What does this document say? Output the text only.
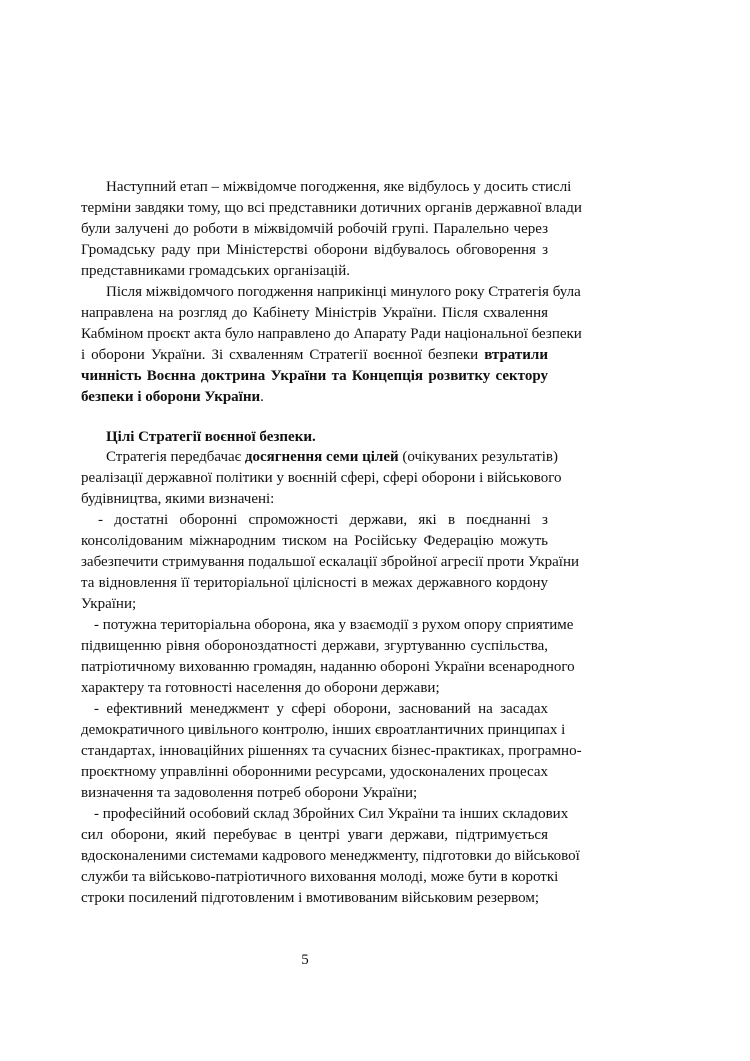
Наступний етап – міжвідомче погодження, яке відбулось у досить стислі
терміни завдяки тому, що всі представники дотичних органів державної влади
були залучені до роботи в міжвідомчій робочій групі. Паралельно через
Громадську раду при Міністерстві оборони відбувалось обговорення з
представниками громадських організацій.
Після міжвідомчого погодження наприкінці минулого року Стратегія була
направлена на розгляд до Кабінету Міністрів України. Після схвалення
Кабміном проєкт акта було направлено до Апарату Ради національної безпеки
і оборони України. Зі схваленням Стратегії воєнної безпеки втратили
чинність Воєнна доктрина України та Концепція розвитку сектору
безпеки і оборони України.
Цілі Стратегії воєнної безпеки.
Стратегія передбачає досягнення семи цілей (очікуваних результатів)
реалізації державної політики у воєнній сфері, сфері оборони і військового
будівництва, якими визначені:
- достатні оборонні спроможності держави, які в поєднанні з
консолідованим міжнародним тиском на Російську Федерацію можуть
забезпечити стримування подальшої ескалації збройної агресії проти України
та відновлення її територіальної цілісності в межах державного кордону
України;
- потужна територіальна оборона, яка у взаємодії з рухом опору сприятиме
підвищенню рівня обороноздатності держави, згуртуванню суспільства,
патріотичному вихованню громадян, наданню обороні України всенародного
характеру та готовності населення до оборони держави;
- ефективний менеджмент у сфері оборони, заснований на засадах
демократичного цивільного контролю, інших євроатлантичних принципах і
стандартах, інноваційних рішеннях та сучасних бізнес-практиках, програмно-
проєктному управлінні оборонними ресурсами, удосконалених процесах
визначення та задоволення потреб оборони України;
- професійний особовий склад Збройних Сил України та інших складових
сил оборони, який перебуває в центрі уваги держави, підтримується
вдосконаленими системами кадрового менеджменту, підготовки до військової
служби та військово-патріотичного виховання молоді, може бути в короткі
строки посилений підготовленим і вмотивованим військовим резервом;
5
